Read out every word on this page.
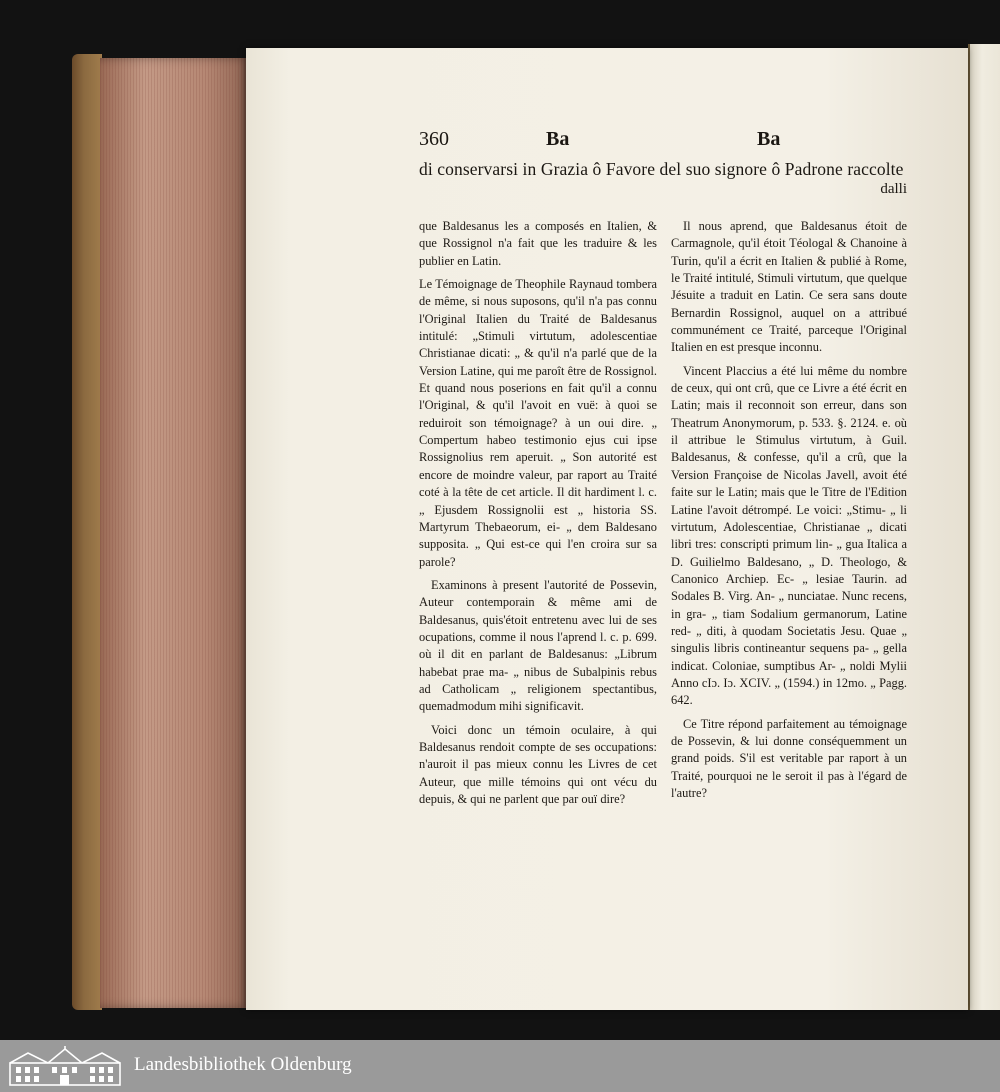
360	Ba	Ba
di conservarsi in Grazia ô Favore del suo signore ô Padrone raccolte
dalli

que Baldesanus les a composés en Italien, & que Rossignol n'a fait que les traduire & les publier en Latin.

Le Témoignage de Theophile Raynaud tombera de même, si nous suposons, qu'il n'a pas connu l'Original Italien du Traité de Baldesanus intitulé: „Stimuli virtutum, adolescentiae Christianae dicati: „ & qu'il n'a parlé que de la Version Latine, qui me paroît être de Rossignol. Et quand nous poserions en fait qu'il a connu l'Original, & qu'il l'avoit en vuë: à quoi se reduiroit son témoignage? à un oui dire. „ Compertum habeo testimonio ejus cui ipse Rossignolius rem aperuit. „ Son autorité est encore de moindre valeur, par raport au Traité coté à la tête de cet article. Il dit hardiment l. c. „ Ejusdem Rossignolii est „ historia SS. Martyrum Thebaeorum, ei- „ dem Baldesano supposita. „ Qui est-ce qui l'en croira sur sa parole?

Examinons à present l'autorité de Possevin, Auteur contemporain & même ami de Baldesanus, quis'étoit entretenu avec lui de ses ocupations, comme il nous l'aprend l. c. p. 699. où il dit en parlant de Baldesanus: „Librum habebat prae ma- „ nibus de Subalpinis rebus ad Catholicam „ religionem spectantibus, quemadmodum mihi significavit.

Voici donc un témoin oculaire, à qui Baldesanus rendoit compte de ses occupations: n'auroit il pas mieux connu les Livres de cet Auteur, que mille témoins qui ont vécu du depuis, & qui ne parlent que par ouï dire?

Il nous aprend, que Baldesanus étoit de Carmagnole, qu'il étoit Téologal & Chanoine à Turin, qu'il a écrit en Italien & publié à Rome, le Traité intitulé, Stimuli virtutum, que quelque Jésuite a traduit en Latin. Ce sera sans doute Bernardin Rossignol, auquel on a attribué communément ce Traité, parceque l'Original Italien en est presque inconnu.

Vincent Placcius a été lui même du nombre de ceux, qui ont crû, que ce Livre a été écrit en Latin; mais il reconnoit son erreur, dans son Theatrum Anonymorum, p. 533. §. 2124. e. où il attribue le Stimulus virtutum, à Guil. Baldesanus, & confesse, qu'il a crû, que la Version Françoise de Nicolas Javell, avoit été faite sur le Latin; mais que le Titre de l'Edition Latine l'avoit détrompé. Le voici: „Stimu- „ li virtutum, Adolescentiae, Christianae „ dicati libri tres: conscripti primum lin- „ gua Italica a D. Guilielmo Baldesano, „ D. Theologo, & Canonico Archiep. Ec- „ lesiae Taurin. ad Sodales B. Virg. An- „ nunciatae. Nunc recens, in gra- „ tiam Sodalium germanorum, Latine red- „ diti, à quodam Societatis Jesu. Quae „ singulis libris contineantur sequens pa- „ gella indicat. Coloniae, sumptibus Ar- „ noldi Mylii Anno cIɔ. Iɔ. XCIV. „ (1594.) in 12mo. „ Pagg. 642.

Ce Titre répond parfaitement au témoignage de Possevin, & lui donne conséquemment un grand poids. S'il est veritable par raport à un Traité, pourquoi ne le seroit il pas à l'égard de l'autre?

Landesbibliothek Oldenburg
